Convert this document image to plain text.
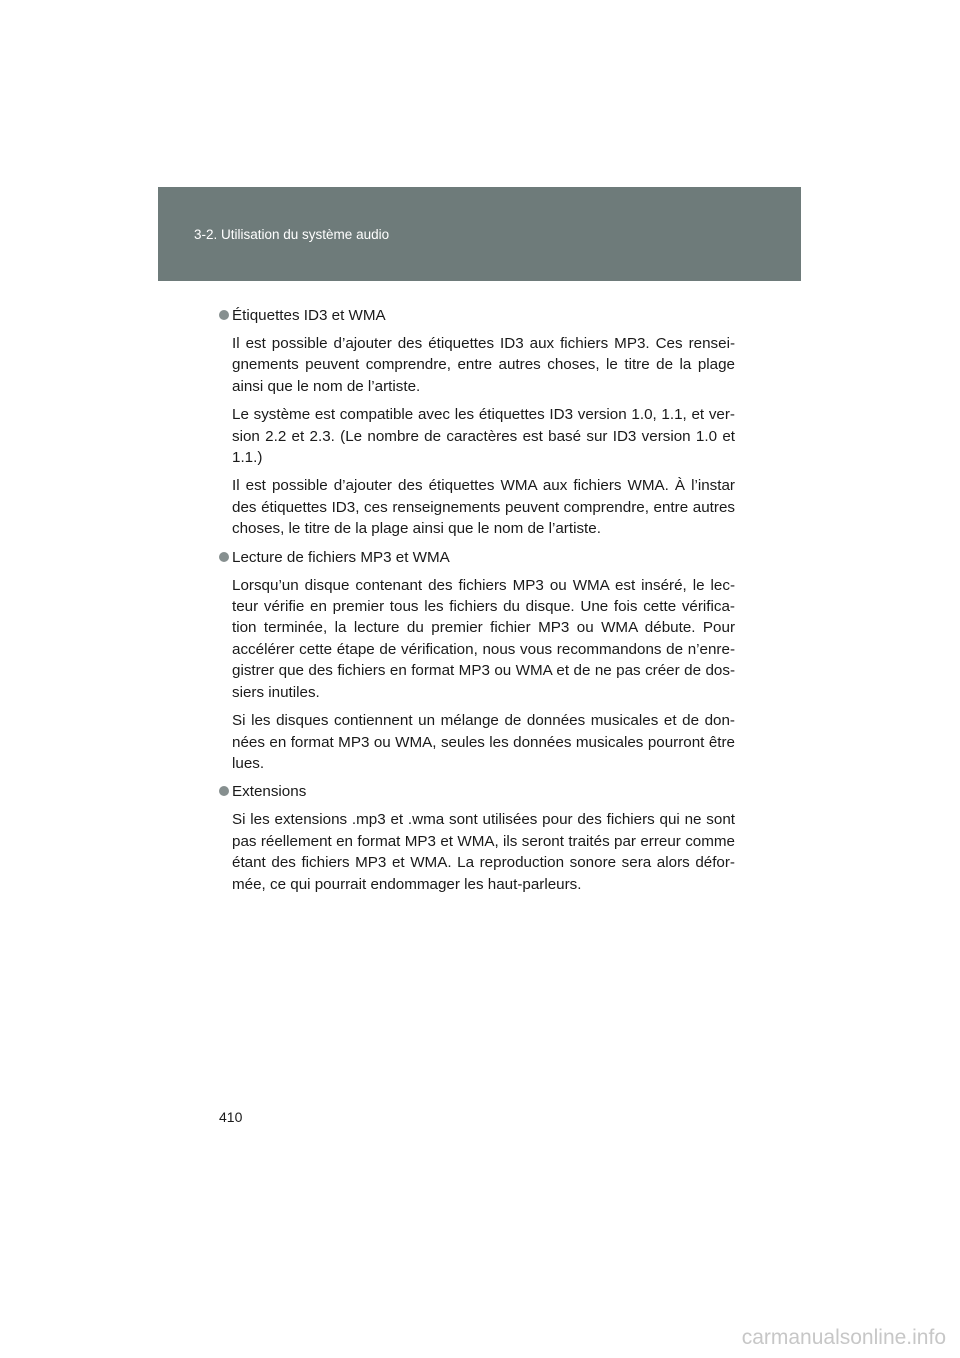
3-2. Utilisation du système audio

Étiquettes ID3 et WMA

Il est possible d’ajouter des étiquettes ID3 aux fichiers MP3. Ces rensei-gnements peuvent comprendre, entre autres choses, le titre de la plage ainsi que le nom de l’artiste.

Le système est compatible avec les étiquettes ID3 version 1.0, 1.1, et ver-sion 2.2 et 2.3. (Le nombre de caractères est basé sur ID3 version 1.0 et 1.1.)

Il est possible d’ajouter des étiquettes WMA aux fichiers WMA. À l’instar des étiquettes ID3, ces renseignements peuvent comprendre, entre autres choses, le titre de la plage ainsi que le nom de l’artiste.

Lecture de fichiers MP3 et WMA

Lorsqu’un disque contenant des fichiers MP3 ou WMA est inséré, le lec-teur vérifie en premier tous les fichiers du disque. Une fois cette vérifica-tion terminée, la lecture du premier fichier MP3 ou WMA débute. Pour accélérer cette étape de vérification, nous vous recommandons de n’enre-gistrer que des fichiers en format MP3 ou WMA et de ne pas créer de dos-siers inutiles.

Si les disques contiennent un mélange de données musicales et de don-nées en format MP3 ou WMA, seules les données musicales pourront être lues.

Extensions

Si les extensions .mp3 et .wma sont utilisées pour des fichiers qui ne sont pas réellement en format MP3 et WMA, ils seront traités par erreur comme étant des fichiers MP3 et WMA. La reproduction sonore sera alors défor-mée, ce qui pourrait endommager les haut-parleurs.

410
carmanualsonline.info
